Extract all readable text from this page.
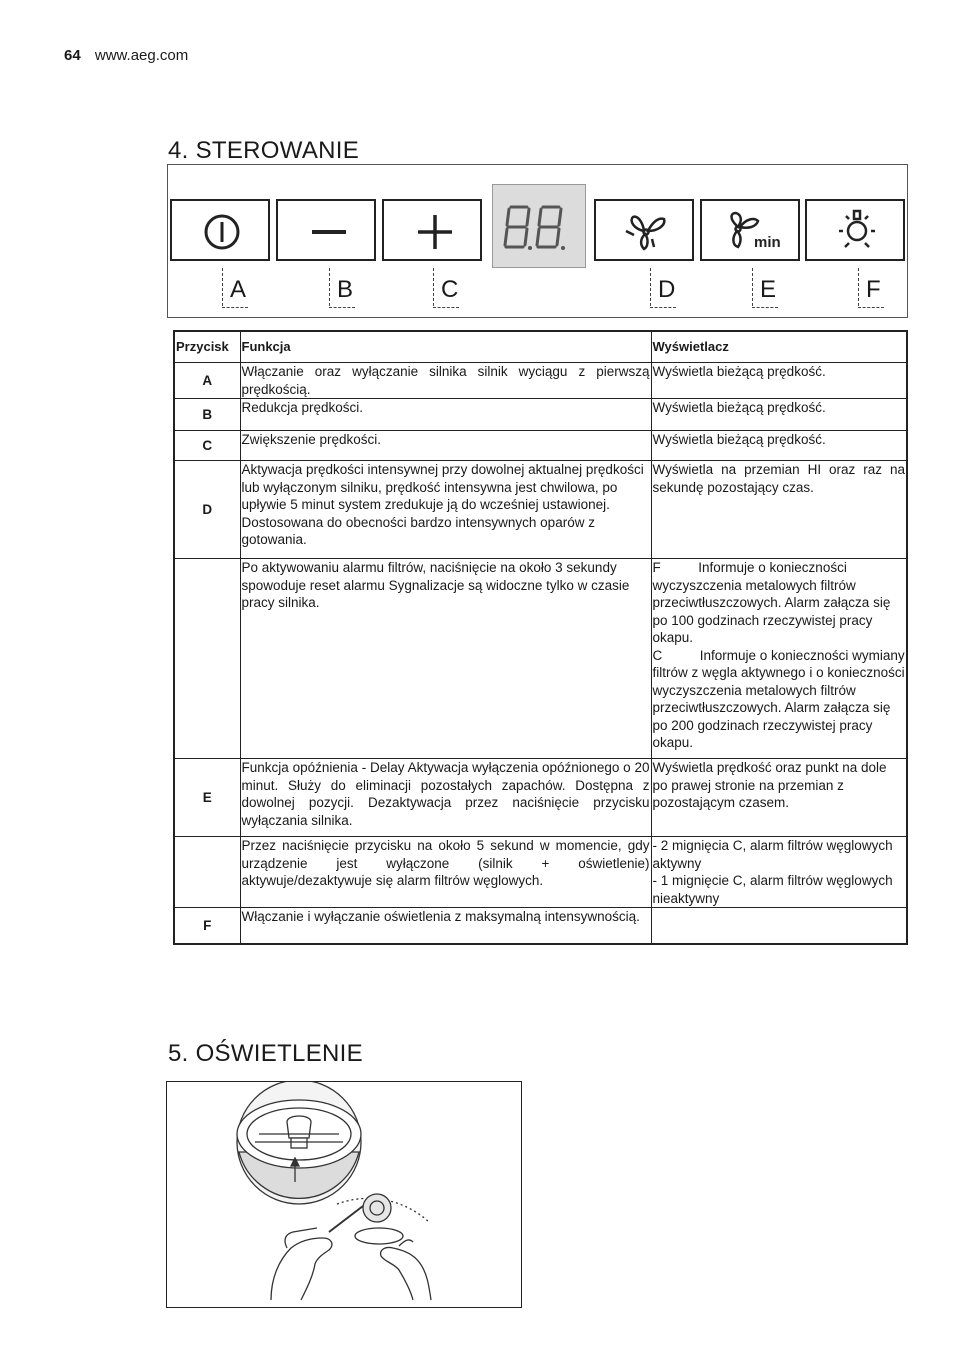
64 www.aeg.com
4. STEROWANIE
min
A	B	C	D	E	F
Przycisk	Funkcja	Wyświetlacz
A	Włączanie oraz wyłączanie silnika silnik wyciągu z pierwszą prędkością.	Wyświetla bieżącą prędkość.
B	Redukcja prędkości.	Wyświetla bieżącą prędkość.
C	Zwiększenie prędkości.	Wyświetla bieżącą prędkość.
D	Aktywacja prędkości intensywnej przy dowolnej aktualnej prędkości lub wyłączonym silniku, prędkość intensywna jest chwilowa, po upływie 5 minut system zredukuje ją do wcześniej ustawionej. Dostosowana do obecności bardzo intensywnych oparów z gotowania.	Wyświetla na przemian HI oraz raz na sekundę pozostający czas.
	Po aktywowaniu alarmu filtrów, naciśnięcie na około 3 sekundy spowoduje reset alarmu Sygnalizacje są widoczne tylko w czasie pracy silnika.	F          Informuje o konieczności wyczyszczenia metalowych filtrów przeciwtłuszczowych. Alarm załącza się po 100 godzinach rzeczywistej pracy okapu.
C          Informuje o konieczności wymiany filtrów z węgla aktywnego i o konieczności wyczyszczenia metalowych filtrów przeciwtłuszczowych. Alarm załącza się po 200 godzinach rzeczywistej pracy okapu.
E	Funkcja opóźnienia - Delay Aktywacja wyłączenia opóźnionego o 20 minut. Służy do eliminacji pozostałych zapachów. Dostępna z dowolnej pozycji. Dezaktywacja przez naciśnięcie przycisku wyłączania silnika.	Wyświetla prędkość oraz punkt na dole po prawej stronie na przemian z pozostającym czasem.
	Przez naciśnięcie przycisku na około 5 sekund w momencie, gdy urządzenie jest wyłączone (silnik + oświetlenie) aktywuje/dezaktywuje się alarm filtrów węglowych.	- 2 mignięcia C, alarm filtrów węglowych aktywny
- 1 mignięcie C, alarm filtrów węglowych nieaktywny
F	Włączanie i wyłączanie oświetlenia z maksymalną intensywnością.	
5. OŚWIETLENIE
